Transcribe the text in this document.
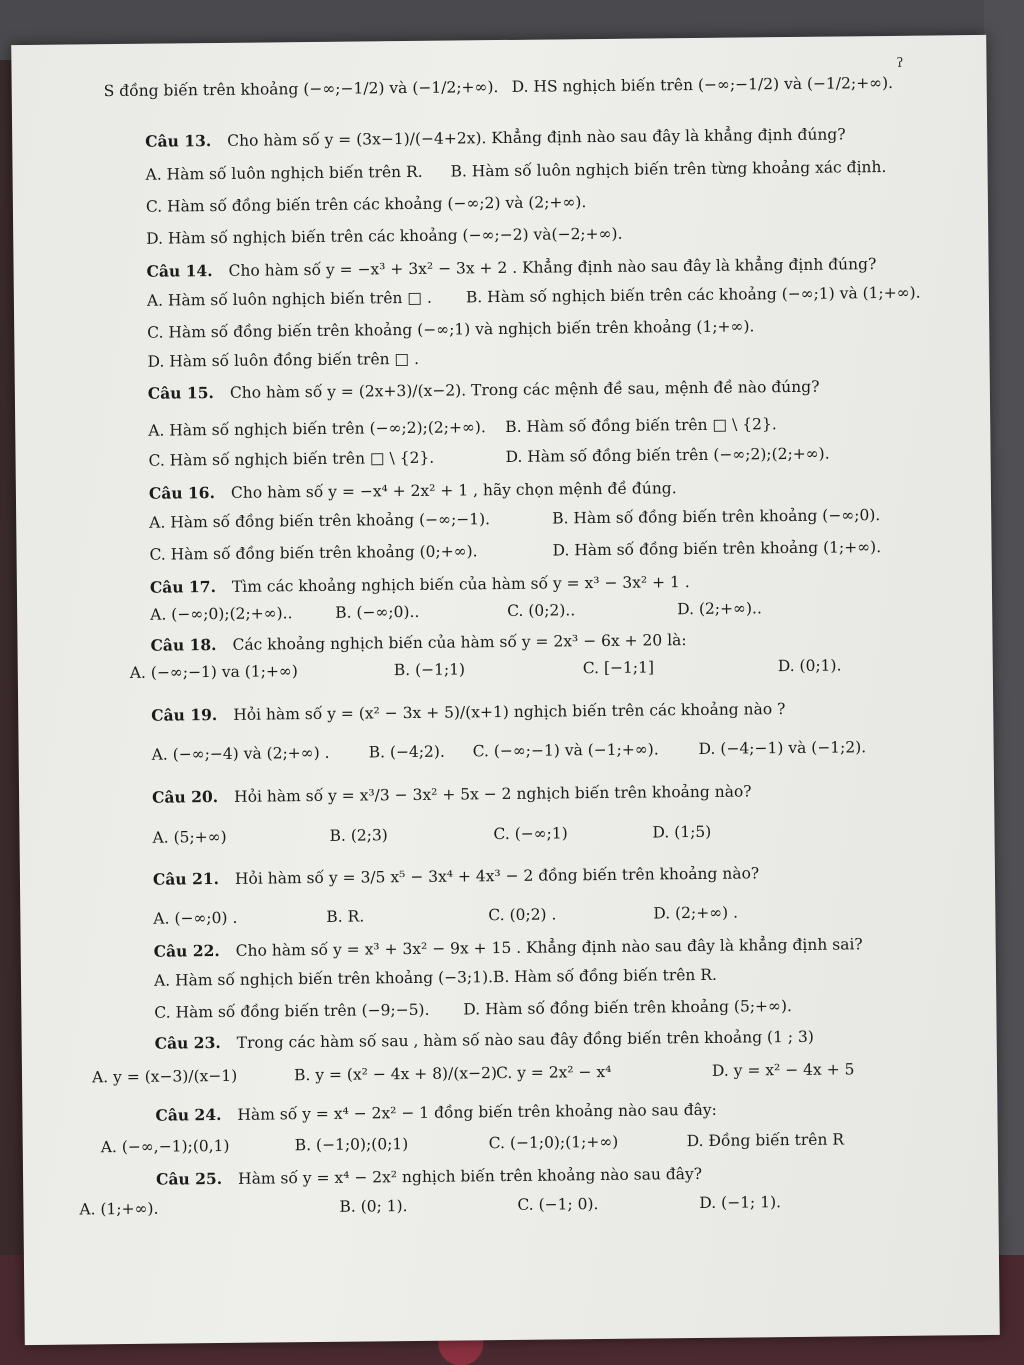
S đồng biến trên khoảng (−∞;−1/2) và (−1/2;+∞). D. HS nghịch biến trên (−∞;−1/2) và (−1/2;+∞).
ʔ
Câu 13. Cho hàm số y = (3x−1)/(−4+2x). Khẳng định nào sau đây là khẳng định đúng?
A. Hàm số luôn nghịch biến trên R. B. Hàm số luôn nghịch biến trên từng khoảng xác định.
C. Hàm số đồng biến trên các khoảng (−∞;2) và (2;+∞).
D. Hàm số nghịch biến trên các khoảng (−∞;−2) và(−2;+∞).
Câu 14. Cho hàm số y = −x³ + 3x² − 3x + 2 . Khẳng định nào sau đây là khẳng định đúng?
A. Hàm số luôn nghịch biến trên □ . B. Hàm số nghịch biến trên các khoảng (−∞;1) và (1;+∞).
C. Hàm số đồng biến trên khoảng (−∞;1) và nghịch biến trên khoảng (1;+∞).
D. Hàm số luôn đồng biến trên □ .
Câu 15. Cho hàm số y = (2x+3)/(x−2). Trong các mệnh đề sau, mệnh đề nào đúng?
A. Hàm số nghịch biến trên (−∞;2);(2;+∞). B. Hàm số đồng biến trên □ \ {2}.
C. Hàm số nghịch biến trên □ \ {2}.	D. Hàm số đồng biến trên (−∞;2);(2;+∞).
Câu 16. Cho hàm số y = −x⁴ + 2x² + 1 , hãy chọn mệnh đề đúng.
A. Hàm số đồng biến trên khoảng (−∞;−1).	B. Hàm số đồng biến trên khoảng (−∞;0).
C. Hàm số đồng biến trên khoảng (0;+∞).	D. Hàm số đồng biến trên khoảng (1;+∞).
Câu 17. Tìm các khoảng nghịch biến của hàm số y = x³ − 3x² + 1 .
A. (−∞;0);(2;+∞)..	B. (−∞;0)..	C. (0;2)..	D. (2;+∞)..
Câu 18. Các khoảng nghịch biến của hàm số y = 2x³ − 6x + 20 là:
A. (−∞;−1) va (1;+∞)	B. (−1;1)	C. [−1;1]	D. (0;1).
Câu 19. Hỏi hàm số y = (x² − 3x + 5)/(x+1) nghịch biến trên các khoảng nào ?
A. (−∞;−4) và (2;+∞) .	B. (−4;2). C. (−∞;−1) và (−1;+∞).	D. (−4;−1) và (−1;2).
Câu 20. Hỏi hàm số y = x³/3 − 3x² + 5x − 2 nghịch biến trên khoảng nào?
A. (5;+∞)	B. (2;3)	C. (−∞;1)	D. (1;5)
Câu 21. Hỏi hàm số y = 3/5 x⁵ − 3x⁴ + 4x³ − 2 đồng biến trên khoảng nào?
A. (−∞;0) .	B. R.	C. (0;2) .	D. (2;+∞) .
Câu 22. Cho hàm số y = x³ + 3x² − 9x + 15 . Khẳng định nào sau đây là khẳng định sai?
A. Hàm số nghịch biến trên khoảng (−3;1). B. Hàm số đồng biến trên R.
C. Hàm số đồng biến trên (−9;−5). D. Hàm số đồng biến trên khoảng (5;+∞).
Câu 23. Trong các hàm số sau , hàm số nào sau đây đồng biến trên khoảng (1 ; 3)
A. y = (x−3)/(x−1)	B. y = (x² − 4x + 8)/(x−2)
C. y = 2x² − x⁴	D. y = x² − 4x + 5
Câu 24. Hàm số y = x⁴ − 2x² − 1 đồng biến trên khoảng nào sau đây:
A. (−∞,−1);(0,1)	B. (−1;0);(0;1)	C. (−1;0);(1;+∞)	D. Đồng biến trên R
Câu 25. Hàm số y = x⁴ − 2x² nghịch biến trên khoảng nào sau đây?
A. (1;+∞).	B. (0; 1).	C. (−1; 0).	D. (−1; 1).
